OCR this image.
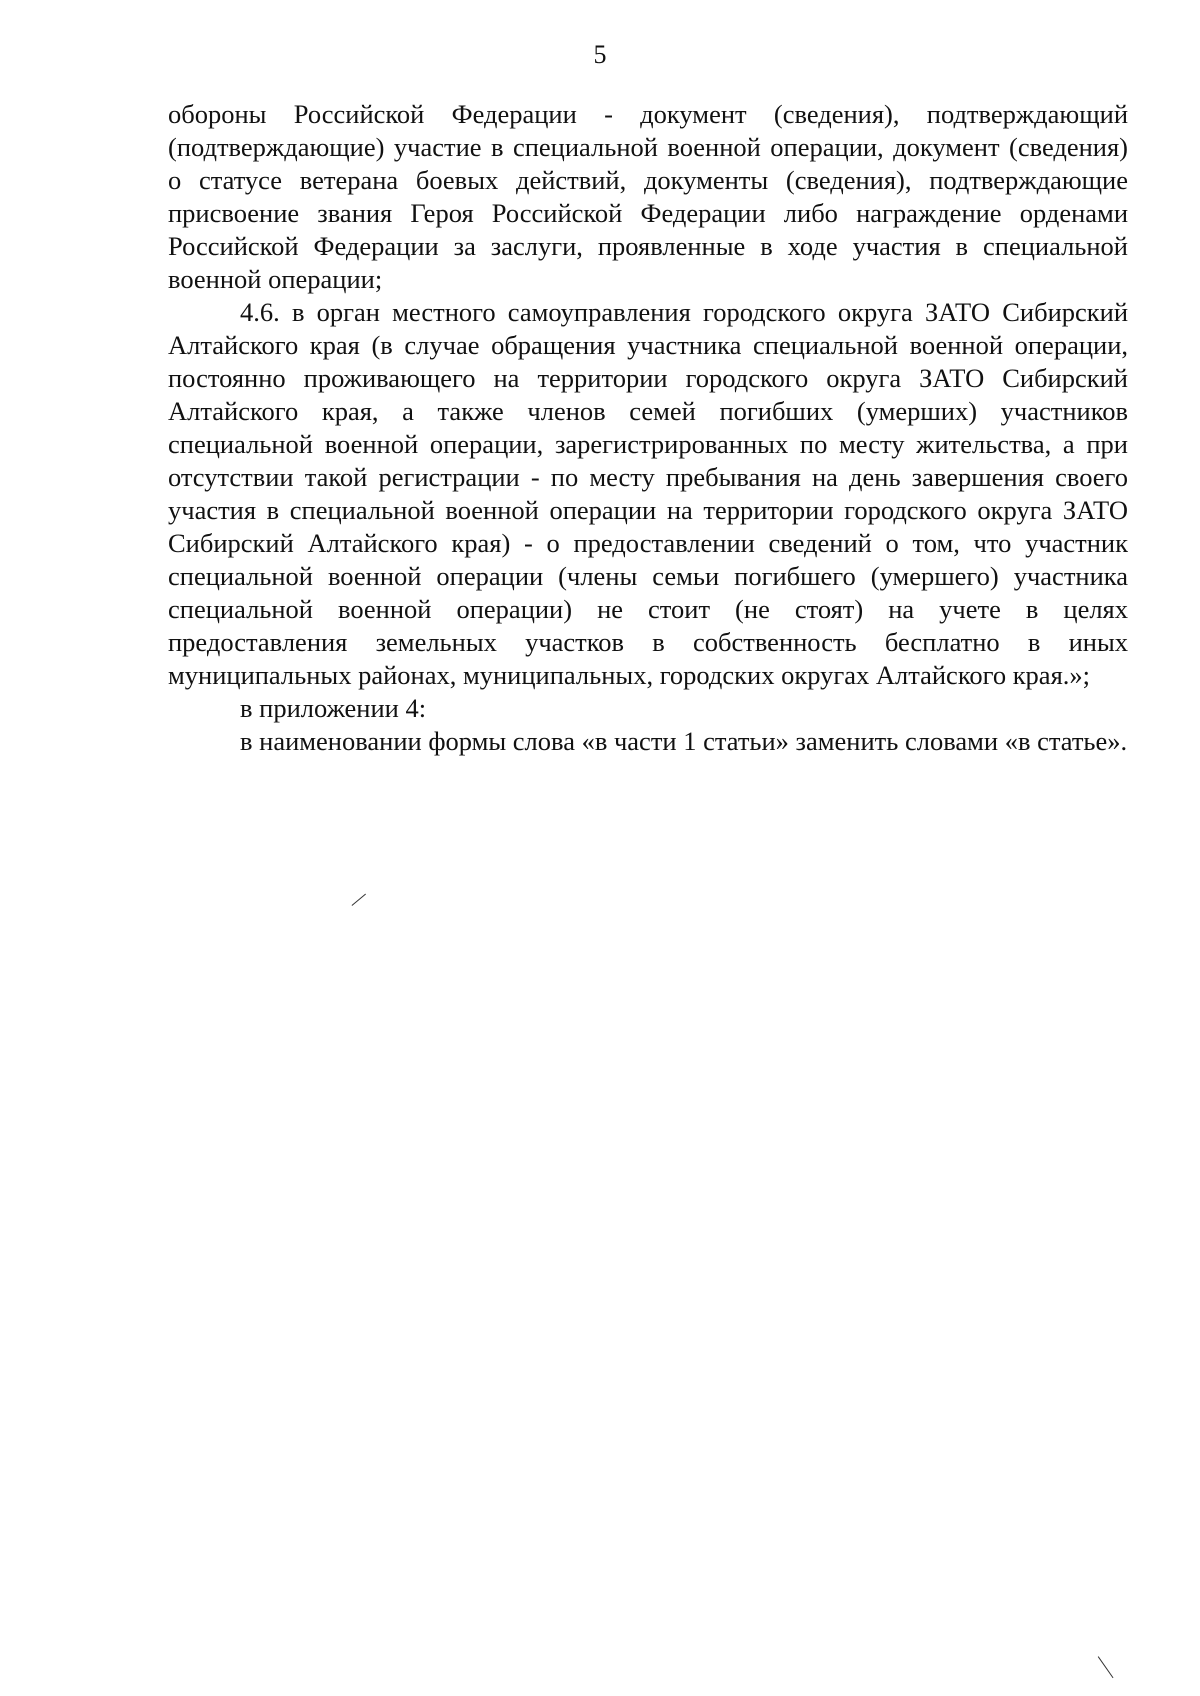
5

обороны Российской Федерации - документ (сведения), подтверждающий (подтверждающие) участие в специальной военной операции, документ (сведения) о статусе ветерана боевых действий, документы (сведения), подтверждающие присвоение звания Героя Российской Федерации либо награждение орденами Российской Федерации за заслуги, проявленные в ходе участия в специальной военной операции;

4.6. в орган местного самоуправления городского округа ЗАТО Сибирский Алтайского края (в случае обращения участника специальной военной операции, постоянно проживающего на территории городского округа ЗАТО Сибирский Алтайского края, а также членов семей погибших (умерших) участников специальной военной операции, зарегистрированных по месту жительства, а при отсутствии такой регистрации - по месту пребывания на день завершения своего участия в специальной военной операции на территории городского округа ЗАТО Сибирский Алтайского края) - о предоставлении сведений о том, что участник специальной военной операции (члены семьи погибшего (умершего) участника специальной военной операции) не стоит (не стоят) на учете в целях предоставления земельных участков в собственность бесплатно в иных муниципальных районах, муниципальных, городских округах Алтайского края.»;

в приложении 4:

в наименовании формы слова «в части 1 статьи» заменить словами «в статье».
